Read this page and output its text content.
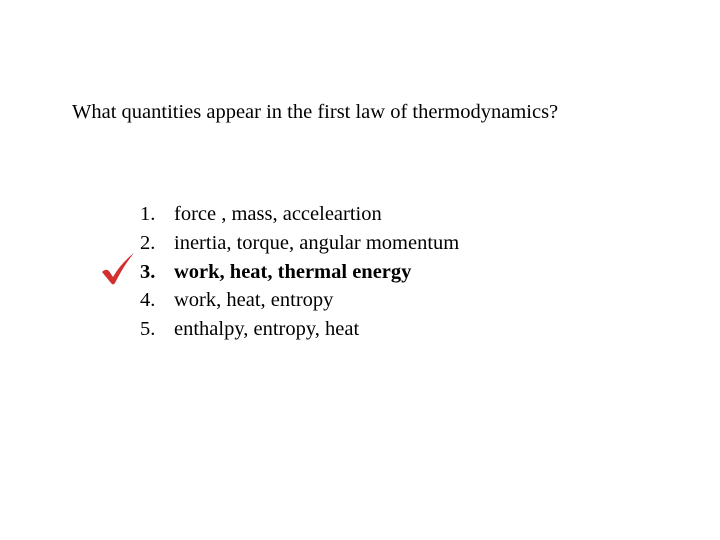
What quantities appear in the first law of thermodynamics?
1. force , mass, acceleartion
2. inertia, torque, angular momentum
3. work, heat, thermal energy
4. work, heat, entropy
5. enthalpy, entropy, heat
